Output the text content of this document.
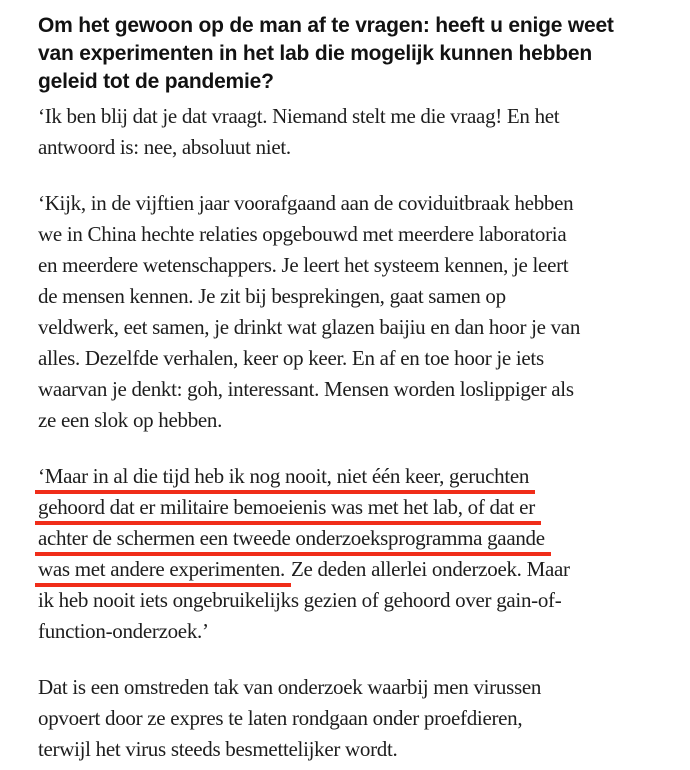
Om het gewoon op de man af te vragen: heeft u enige weet
van experimenten in het lab die mogelijk kunnen hebben
geleid tot de pandemie?

‘Ik ben blij dat je dat vraagt. Niemand stelt me die vraag! En het
antwoord is: nee, absoluut niet.

‘Kijk, in de vijftien jaar voorafgaand aan de coviduitbraak hebben
we in China hechte relaties opgebouwd met meerdere laboratoria
en meerdere wetenschappers. Je leert het systeem kennen, je leert
de mensen kennen. Je zit bij besprekingen, gaat samen op
veldwerk, eet samen, je drinkt wat glazen baijiu en dan hoor je van
alles. Dezelfde verhalen, keer op keer. En af en toe hoor je iets
waarvan je denkt: goh, interessant. Mensen worden loslippiger als
ze een slok op hebben.

‘Maar in al die tijd heb ik nog nooit, niet één keer, geruchten
gehoord dat er militaire bemoeienis was met het lab, of dat er
achter de schermen een tweede onderzoeksprogramma gaande
was met andere experimenten. Ze deden allerlei onderzoek. Maar
ik heb nooit iets ongebruikelijks gezien of gehoord over gain-of-
function-onderzoek.’

Dat is een omstreden tak van onderzoek waarbij men virussen
opvoert door ze expres te laten rondgaan onder proefdieren,
terwijl het virus steeds besmettelijker wordt.
